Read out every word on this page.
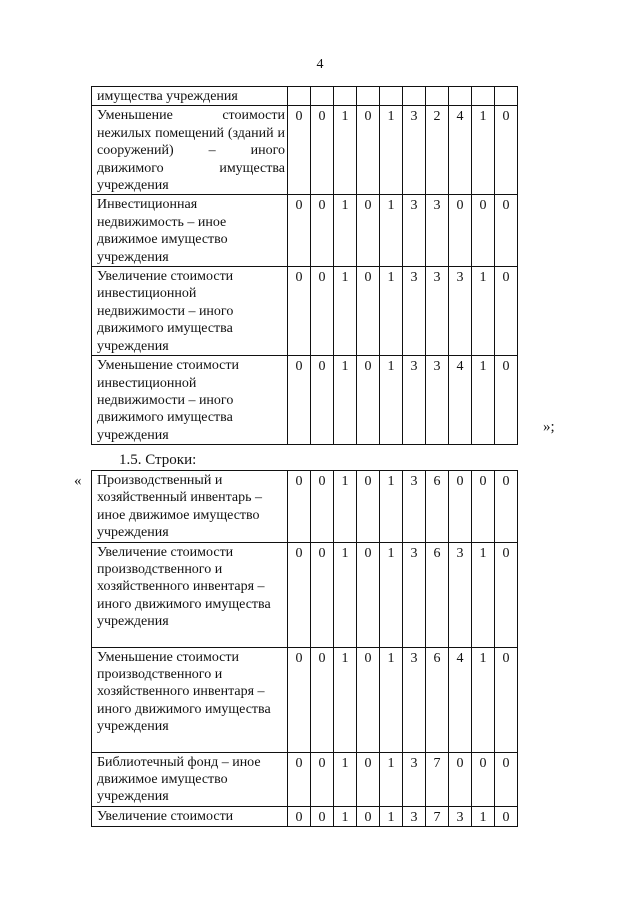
4
имущества учреждения										
Уменьшение стоимости нежилых помещений (зданий и сооружений) – иного движимого имущества учреждения	0	0	1	0	1	3	2	4	1	0
Инвестиционная недвижимость – иное движимое имущество учреждения	0	0	1	0	1	3	3	0	0	0
Увеличение стоимости инвестиционной недвижимости – иного движимого имущества учреждения	0	0	1	0	1	3	3	3	1	0
Уменьшение стоимости инвестиционной недвижимости – иного движимого имущества учреждения	0	0	1	0	1	3	3	4	1	0
»;
1.5. Строки:
« Производственный и хозяйственный инвентарь – иное движимое имущество учреждения	0	0	1	0	1	3	6	0	0	0
Увеличение стоимости производственного и хозяйственного инвентаря – иного движимого имущества учреждения	0	0	1	0	1	3	6	3	1	0
Уменьшение стоимости производственного и хозяйственного инвентаря – иного движимого имущества учреждения	0	0	1	0	1	3	6	4	1	0
Библиотечный фонд – иное движимое имущество учреждения	0	0	1	0	1	3	7	0	0	0
Увеличение стоимости	0	0	1	0	1	3	7	3	1	0
